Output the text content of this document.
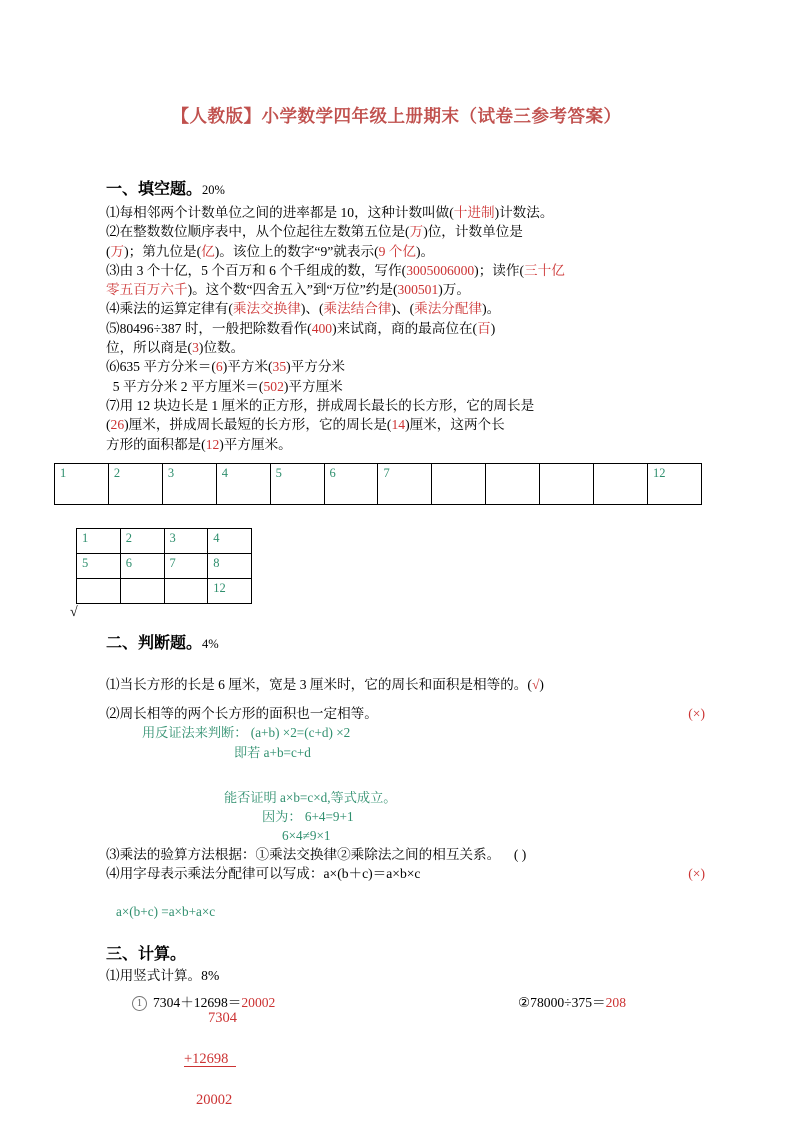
【人教版】小学数学四年级上册期末（试卷三参考答案）

一、填空题。20%

⑴每相邻两个计数单位之间的进率都是 10，这种计数叫做(十进制)计数法。

⑵在整数数位顺序表中，从个位起往左数第五位是(万)位，计数单位是
(万)；第九位是(亿)。该位上的数字“9”就表示(9 个亿)。

⑶由 3 个十亿，5 个百万和 6 个千组成的数，写作(3005006000)；读作(三十亿
零五百万六千)。这个数“四舍五入”到“万位”约是(300501)万。

⑷乘法的运算定律有(乘法交换律)、(乘法结合律)、(乘法分配律)。

⑸80496÷387 时，一般把除数看作(400)来试商，商的最高位在(百)
位，所以商是(3)位数。

⑹635 平方分米＝(6)平方米(35)平方分米
5 平方分米 2 平方厘米＝(502)平方厘米

⑺用 12 块边长是 1 厘米的正方形，拼成周长最长的长方形，它的周长是
(26)厘米，拼成周长最短的长方形，它的周长是(14)厘米，这两个长
方形的面积都是(12)平方厘米。

1	2	3	4	5	6	7					12
1	2	3	4
5	6	7	8
			12
√

二、判断题。4%

⑴当长方形的长是 6 厘米，宽是 3 厘米时，它的周长和面积是相等的。(√)

⑵周长相等的两个长方形的面积也一定相等。	(×)

用反证法来判断： (a+b) ×2=(c+d) ×2

即若 a+b=c+d

能否证明 a×b=c×d,等式成立。

因为： 6+4=9+1

6×4≠9×1

⑶乘法的验算方法根据：①乘法交换律②乘除法之间的相互关系。 ( )

⑷用字母表示乘法分配律可以写成：a×(b＋c)＝a×b×c	(×)

a×(b+c) =a×b+a×c

三、计算。

⑴用竖式计算。8%

1 7304＋12698＝20002	②78000÷375＝208
7304
+12698
20002
